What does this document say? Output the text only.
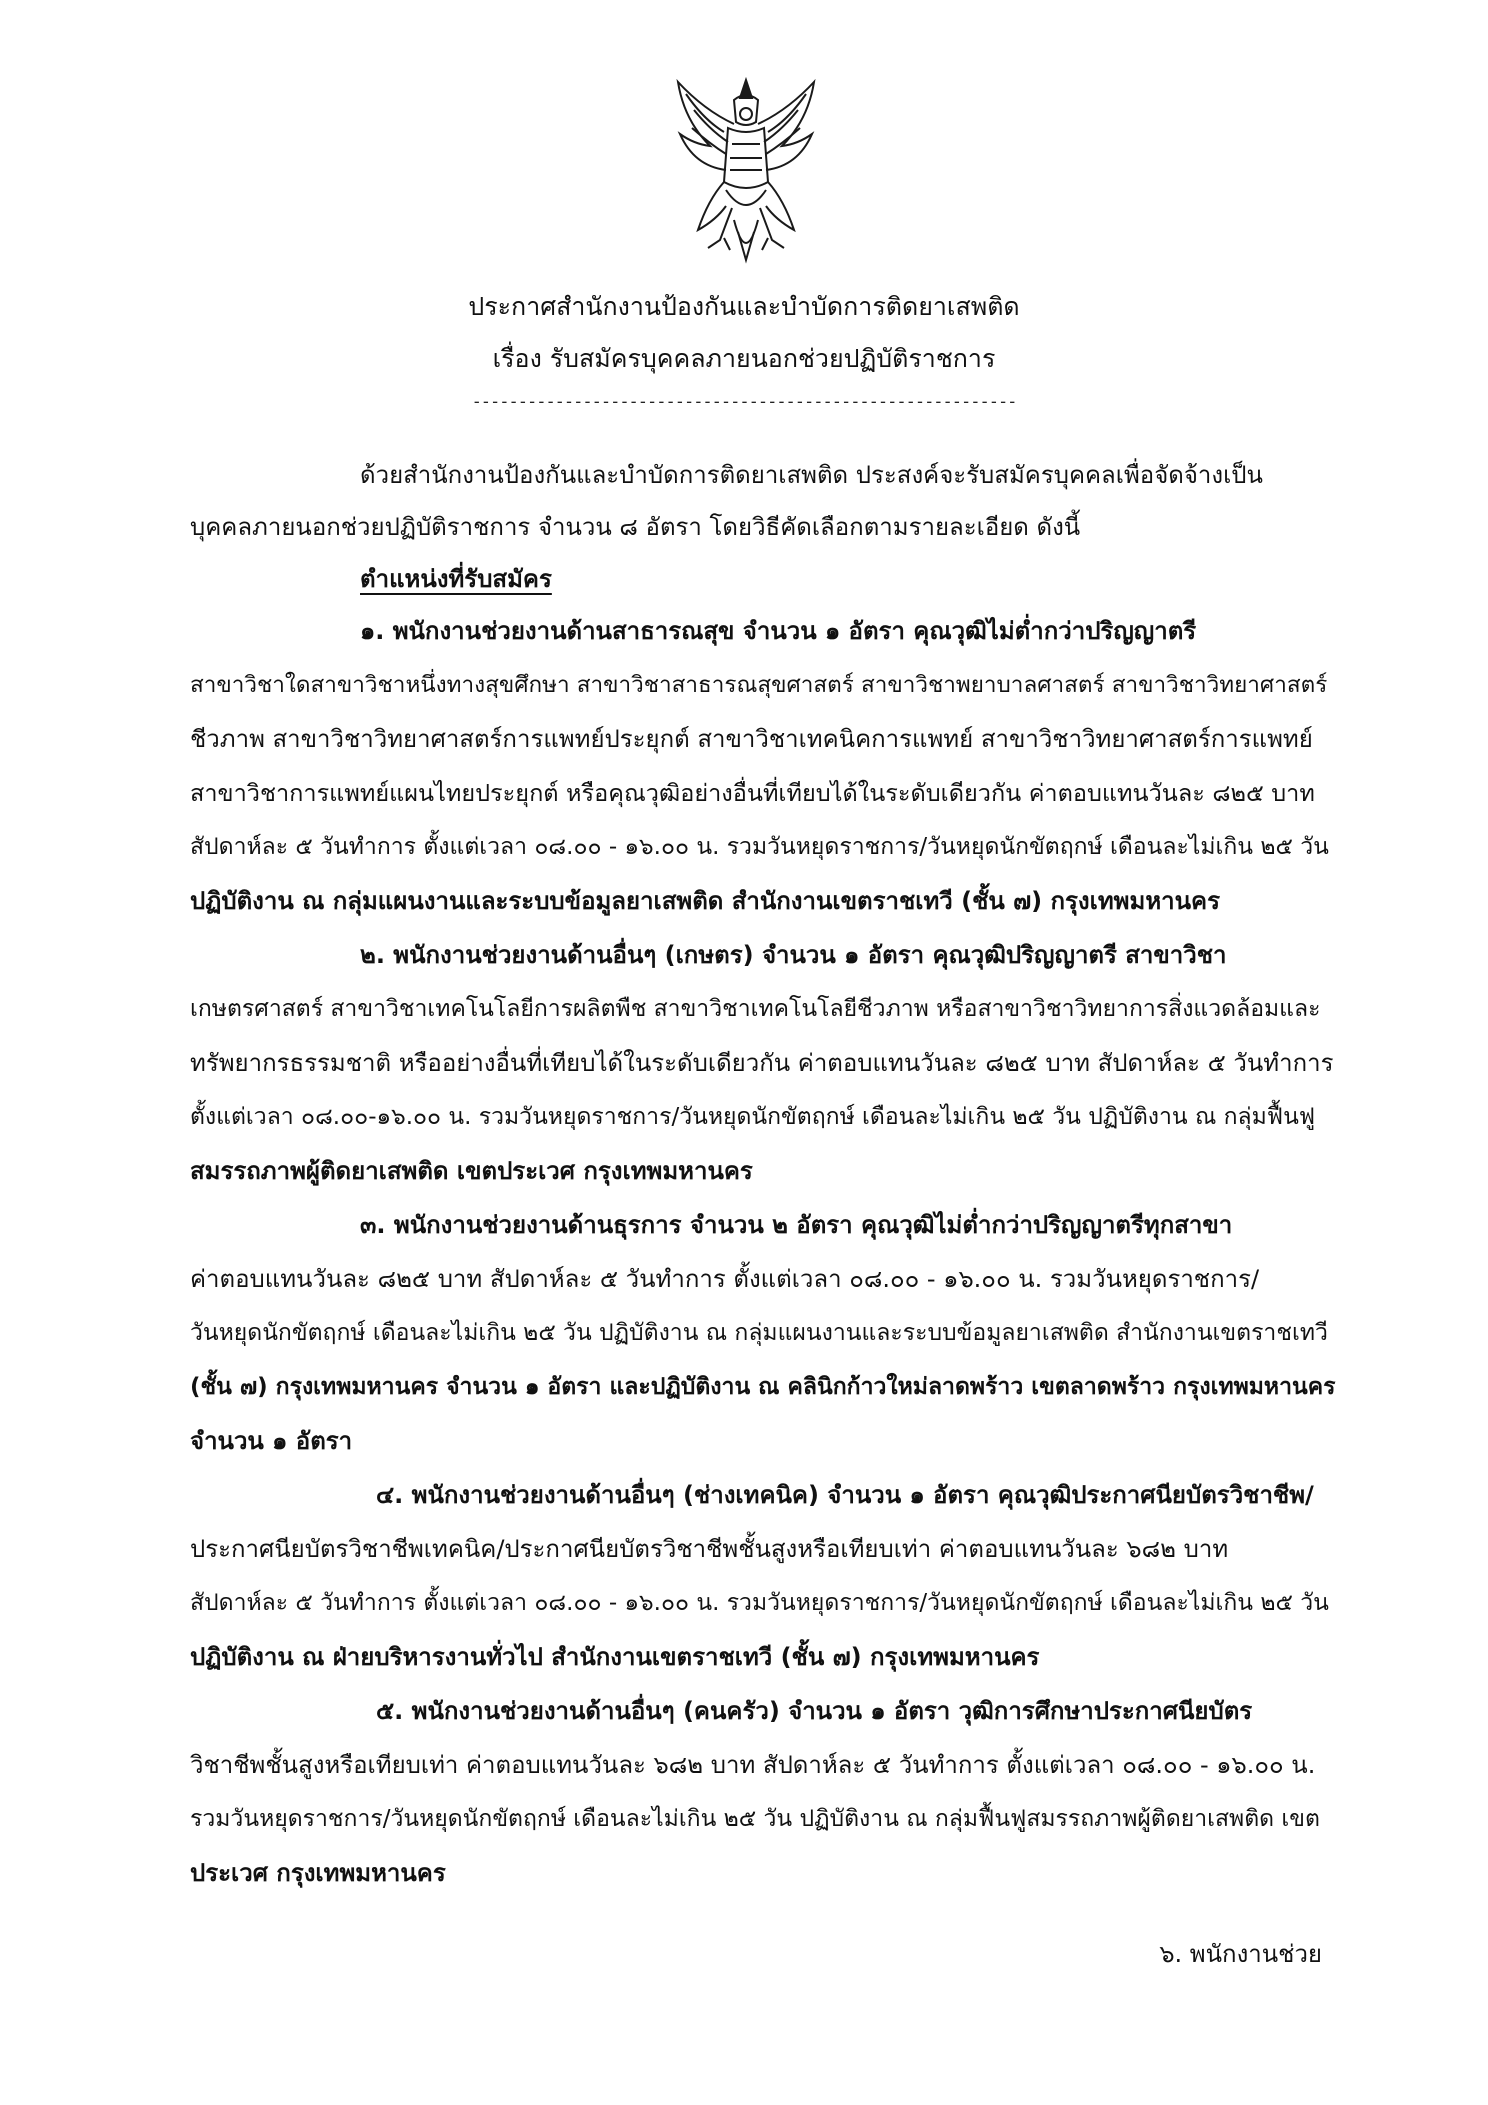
ประกาศสำนักงานป้องกันและบำบัดการติดยาเสพติด
เรื่อง รับสมัครบุคคลภายนอกช่วยปฏิบัติราชการ
-----------------------------------------------------------
ด้วยสำนักงานป้องกันและบำบัดการติดยาเสพติด ประสงค์จะรับสมัครบุคคลเพื่อจัดจ้างเป็น
บุคคลภายนอกช่วยปฏิบัติราชการ จำนวน ๘ อัตรา โดยวิธีคัดเลือกตามรายละเอียด ดังนี้
ตำแหน่งที่รับสมัคร
๑. พนักงานช่วยงานด้านสาธารณสุข จำนวน ๑ อัตรา คุณวุฒิไม่ต่ำกว่าปริญญาตรี
สาขาวิชาใดสาขาวิชาหนึ่งทางสุขศึกษา สาขาวิชาสาธารณสุขศาสตร์ สาขาวิชาพยาบาลศาสตร์ สาขาวิชาวิทยาศาสตร์
ชีวภาพ สาขาวิชาวิทยาศาสตร์การแพทย์ประยุกต์ สาขาวิชาเทคนิคการแพทย์ สาขาวิชาวิทยาศาสตร์การแพทย์
สาขาวิชาการแพทย์แผนไทยประยุกต์ หรือคุณวุฒิอย่างอื่นที่เทียบได้ในระดับเดียวกัน ค่าตอบแทนวันละ ๘๒๕ บาท
สัปดาห์ละ ๕ วันทำการ ตั้งแต่เวลา ๐๘.๐๐ - ๑๖.๐๐ น. รวมวันหยุดราชการ/วันหยุดนักขัตฤกษ์ เดือนละไม่เกิน ๒๕ วัน
ปฏิบัติงาน ณ กลุ่มแผนงานและระบบข้อมูลยาเสพติด สำนักงานเขตราชเทวี (ชั้น ๗) กรุงเทพมหานคร
๒. พนักงานช่วยงานด้านอื่นๆ (เกษตร) จำนวน ๑ อัตรา คุณวุฒิปริญญาตรี สาขาวิชา
เกษตรศาสตร์ สาขาวิชาเทคโนโลยีการผลิตพืช สาขาวิชาเทคโนโลยีชีวภาพ หรือสาขาวิชาวิทยาการสิ่งแวดล้อมและ
ทรัพยากรธรรมชาติ หรืออย่างอื่นที่เทียบได้ในระดับเดียวกัน ค่าตอบแทนวันละ ๘๒๕ บาท สัปดาห์ละ ๕ วันทำการ
ตั้งแต่เวลา ๐๘.๐๐-๑๖.๐๐ น. รวมวันหยุดราชการ/วันหยุดนักขัตฤกษ์ เดือนละไม่เกิน ๒๕ วัน ปฏิบัติงาน ณ กลุ่มฟื้นฟู
สมรรถภาพผู้ติดยาเสพติด เขตประเวศ กรุงเทพมหานคร
๓. พนักงานช่วยงานด้านธุรการ จำนวน ๒ อัตรา คุณวุฒิไม่ต่ำกว่าปริญญาตรีทุกสาขา
ค่าตอบแทนวันละ ๘๒๕ บาท สัปดาห์ละ ๕ วันทำการ ตั้งแต่เวลา ๐๘.๐๐ - ๑๖.๐๐ น. รวมวันหยุดราชการ/
วันหยุดนักขัตฤกษ์ เดือนละไม่เกิน ๒๕ วัน ปฏิบัติงาน ณ กลุ่มแผนงานและระบบข้อมูลยาเสพติด สำนักงานเขตราชเทวี
(ชั้น ๗) กรุงเทพมหานคร จำนวน ๑ อัตรา และปฏิบัติงาน ณ คลินิกก้าวใหม่ลาดพร้าว เขตลาดพร้าว กรุงเทพมหานคร
จำนวน ๑ อัตรา
๔. พนักงานช่วยงานด้านอื่นๆ (ช่างเทคนิค) จำนวน ๑ อัตรา คุณวุฒิประกาศนียบัตรวิชาชีพ/
ประกาศนียบัตรวิชาชีพเทคนิค/ประกาศนียบัตรวิชาชีพชั้นสูงหรือเทียบเท่า ค่าตอบแทนวันละ ๖๘๒ บาท
สัปดาห์ละ ๕ วันทำการ ตั้งแต่เวลา ๐๘.๐๐ - ๑๖.๐๐ น. รวมวันหยุดราชการ/วันหยุดนักขัตฤกษ์ เดือนละไม่เกิน ๒๕ วัน
ปฏิบัติงาน ณ ฝ่ายบริหารงานทั่วไป สำนักงานเขตราชเทวี (ชั้น ๗) กรุงเทพมหานคร
๕. พนักงานช่วยงานด้านอื่นๆ (คนครัว) จำนวน ๑ อัตรา วุฒิการศึกษาประกาศนียบัตร
วิชาชีพชั้นสูงหรือเทียบเท่า ค่าตอบแทนวันละ ๖๘๒ บาท สัปดาห์ละ ๕ วันทำการ ตั้งแต่เวลา ๐๘.๐๐ - ๑๖.๐๐ น.
รวมวันหยุดราชการ/วันหยุดนักขัตฤกษ์ เดือนละไม่เกิน ๒๕ วัน ปฏิบัติงาน ณ กลุ่มฟื้นฟูสมรรถภาพผู้ติดยาเสพติด เขต
ประเวศ กรุงเทพมหานคร
๖. พนักงานช่วย
